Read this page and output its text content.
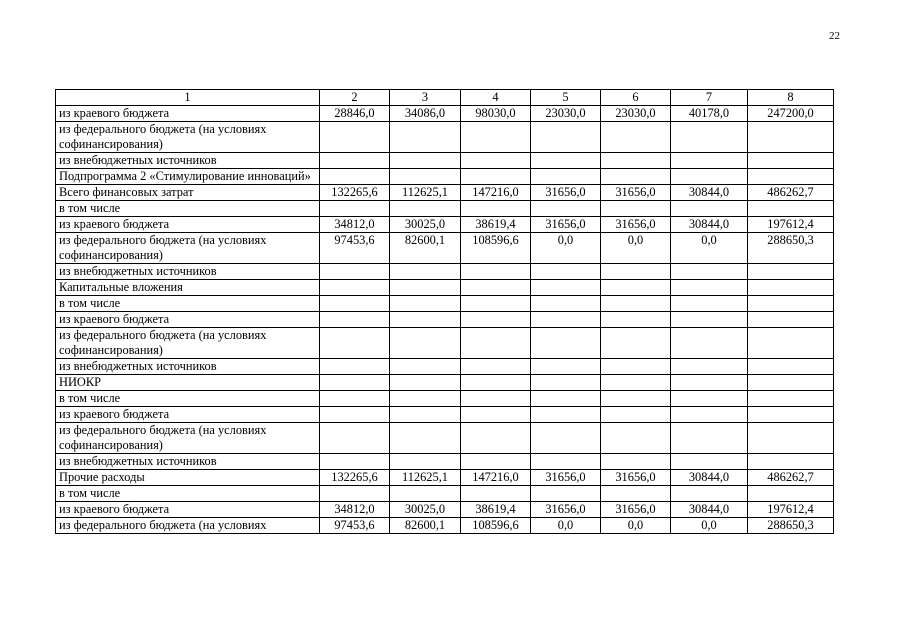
22
1	2	3	4	5	6	7	8
из краевого бюджета	28846,0	34086,0	98030,0	23030,0	23030,0	40178,0	247200,0
из федерального бюджета (на условиях софинансирования)							
из внебюджетных источников							
Подпрограмма 2 «Стимулирование инноваций»							
Всего финансовых затрат	132265,6	112625,1	147216,0	31656,0	31656,0	30844,0	486262,7
в том числе							
из краевого бюджета	34812,0	30025,0	38619,4	31656,0	31656,0	30844,0	197612,4
из федерального бюджета (на условиях софинансирования)	97453,6	82600,1	108596,6	0,0	0,0	0,0	288650,3
из внебюджетных источников							
Капитальные вложения							
в том числе							
из краевого бюджета							
из федерального бюджета (на условиях софинансирования)							
из внебюджетных источников							
НИОКР							
в том числе							
из краевого бюджета							
из федерального бюджета (на условиях софинансирования)							
из внебюджетных источников							
Прочие расходы	132265,6	112625,1	147216,0	31656,0	31656,0	30844,0	486262,7
в том числе							
из краевого бюджета	34812,0	30025,0	38619,4	31656,0	31656,0	30844,0	197612,4
из федерального бюджета (на условиях	97453,6	82600,1	108596,6	0,0	0,0	0,0	288650,3
